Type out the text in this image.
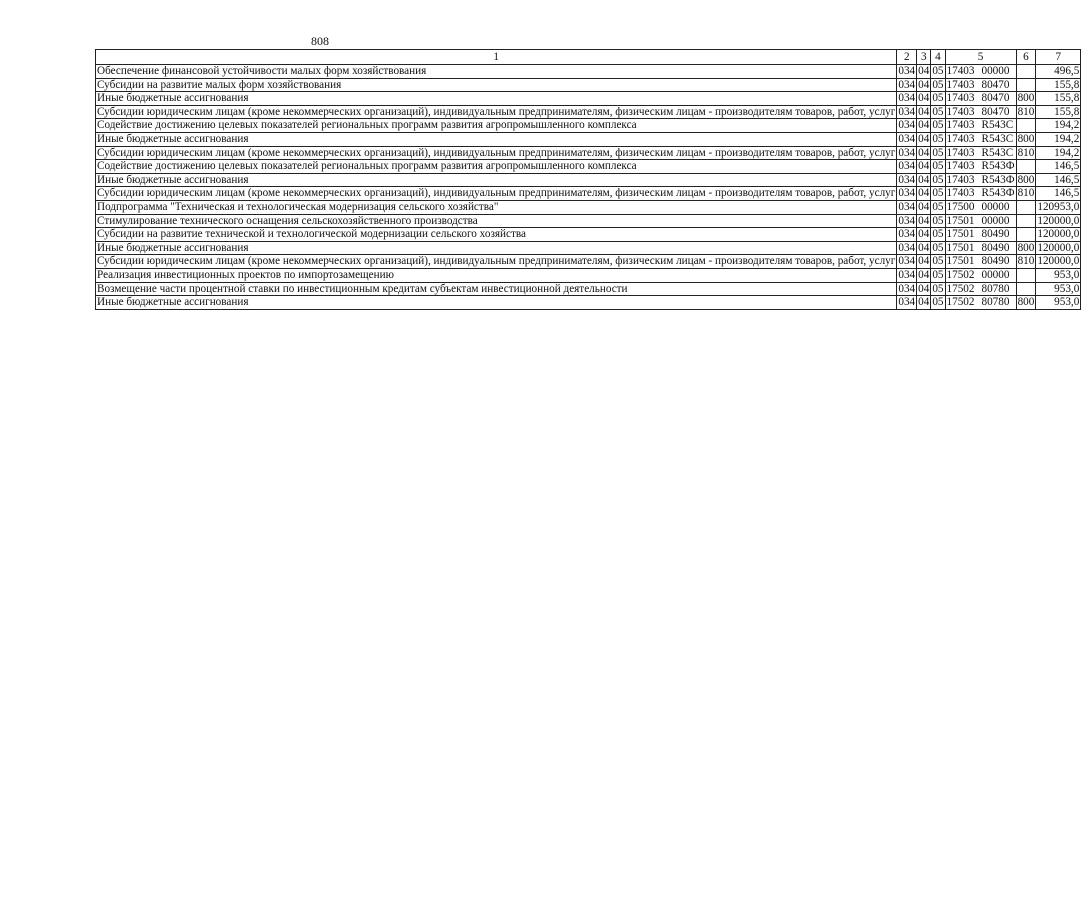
808
1	2	3	4	5	6	7
Обеспечение финансовой устойчивости малых форм хозяйствования	034	04	05	17403 00000		496,5
Субсидии на развитие малых форм хозяйствования	034	04	05	17403 80470		155,8
Иные бюджетные ассигнования	034	04	05	17403 80470	800	155,8
Субсидии юридическим лицам (кроме некоммерческих организаций), индивидуальным предпринимателям, физическим лицам - производителям товаров, работ, услуг	034	04	05	17403 80470	810	155,8
Содействие достижению целевых показателей региональных программ развития агропромышленного комплекса	034	04	05	17403 R543C		194,2
Иные бюджетные ассигнования	034	04	05	17403 R543C	800	194,2
Субсидии юридическим лицам (кроме некоммерческих организаций), индивидуальным предпринимателям, физическим лицам - производителям товаров, работ, услуг	034	04	05	17403 R543C	810	194,2
Содействие достижению целевых показателей региональных программ развития агропромышленного комплекса	034	04	05	17403 R543Ф		146,5
Иные бюджетные ассигнования	034	04	05	17403 R543Ф	800	146,5
Субсидии юридическим лицам (кроме некоммерческих организаций), индивидуальным предпринимателям, физическим лицам - производителям товаров, работ, услуг	034	04	05	17403 R543Ф	810	146,5
Подпрограмма "Техническая и технологическая модернизация сельского хозяйства"	034	04	05	17500 00000		120953,0
Стимулирование технического оснащения сельскохозяйственного производства	034	04	05	17501 00000		120000,0
Субсидии на развитие технической и технологической модернизации сельского хозяйства	034	04	05	17501 80490		120000,0
Иные бюджетные ассигнования	034	04	05	17501 80490	800	120000,0
Субсидии юридическим лицам (кроме некоммерческих организаций), индивидуальным предпринимателям, физическим лицам - производителям товаров, работ, услуг	034	04	05	17501 80490	810	120000,0
Реализация инвестиционных проектов по импортозамещению	034	04	05	17502 00000		953,0
Возмещение части процентной ставки по инвестиционным кредитам субъектам инвестиционной деятельности	034	04	05	17502 80780		953,0
Иные бюджетные ассигнования	034	04	05	17502 80780	800	953,0
